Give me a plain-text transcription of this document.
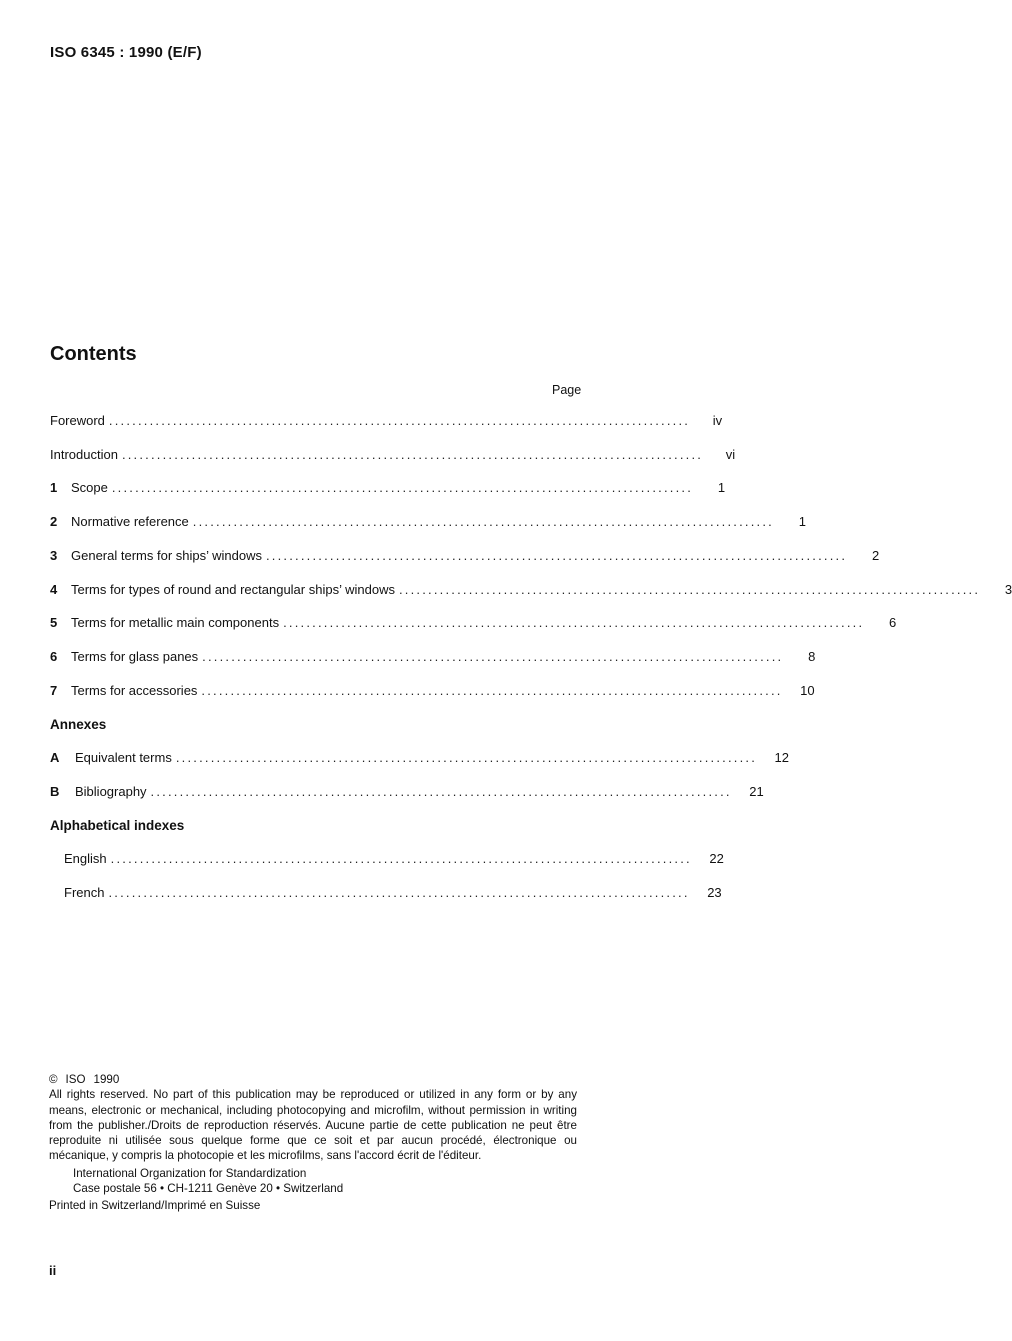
ISO 6345 : 1990 (E/F)
Contents
Page
Foreword ....................................................................................................	iv
Introduction ....................................................................................................	vi
1	Scope ....................................................................................................	1
2	Normative reference ....................................................................................................	1
3	General terms for ships’ windows ....................................................................................................	2
4	Terms for types of round and rectangular ships’ windows ....................................................................................................	3
5	Terms for metallic main components ....................................................................................................	6
6	Terms for glass panes ....................................................................................................	8
7	Terms for accessories ....................................................................................................	10
Annexes
A	Equivalent terms ....................................................................................................	12
B	Bibliography ....................................................................................................	21
Alphabetical indexes
English ....................................................................................................	22
French ....................................................................................................	23
© ISO 1990

All rights reserved. No part of this publication may be reproduced or utilized in any form or by any means, electronic or mechanical, including photocopying and microfilm, without permission in writing from the publisher./Droits de reproduction réservés. Aucune partie de cette publication ne peut être reproduite ni utilisée sous quelque forme que ce soit et par aucun procédé, électronique ou mécanique, y compris la photocopie et les microfilms, sans l'accord écrit de l'éditeur.

International Organization for Standardization
Case postale 56 • CH-1211 Genève 20 • Switzerland
Printed in Switzerland/Imprimé en Suisse
ii
